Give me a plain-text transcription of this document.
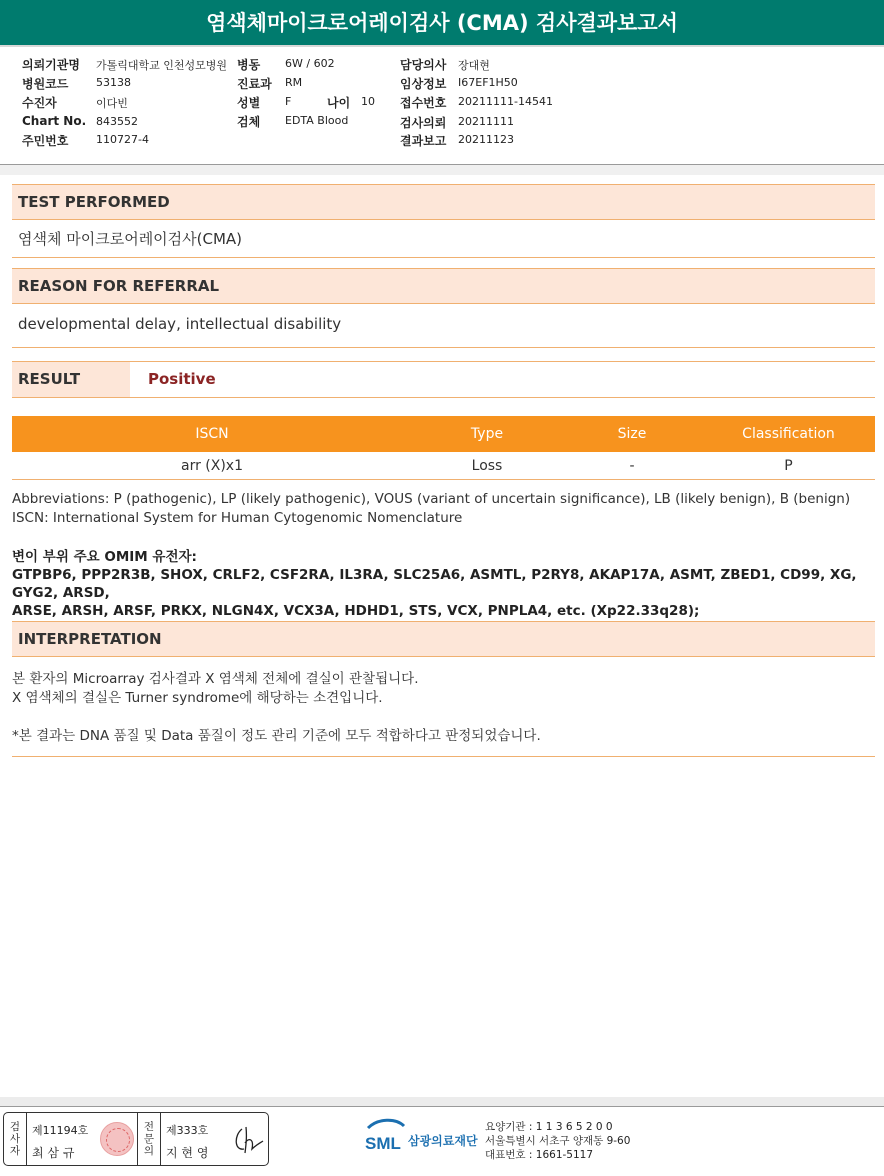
염색체마이크로어레이검사 (CMA) 검사결과보고서
의뢰기관명 가톨릭대학교 인천성모병원
병원코드	53138
수진자	이다빈
Chart No. 843552
주민번호	110727-4
병동 6W / 602
진료과 RM
성별 F	나이 10
검체 EDTA Blood
담당의사 장대현
임상정보 I67EF1H50
접수번호 20211111-14541
검사의뢰 20211111
결과보고 20211123
TEST PERFORMED
염색체 마이크로어레이검사(CMA)
REASON FOR REFERRAL
developmental delay, intellectual disability
RESULT	Positive
ISCN	Type	Size	Classification
arr (X)x1	Loss	-	P
Abbreviations: P (pathogenic), LP (likely pathogenic), VOUS (variant of uncertain significance), LB (likely benign), B (benign)
ISCN: International System for Human Cytogenomic Nomenclature
변이 부위 주요 OMIM 유전자:
GTPBP6, PPP2R3B, SHOX, CRLF2, CSF2RA, IL3RA, SLC25A6, ASMTL, P2RY8, AKAP17A, ASMT, ZBED1, CD99, XG, GYG2, ARSD,
ARSE, ARSH, ARSF, PRKX, NLGN4X, VCX3A, HDHD1, STS, VCX, PNPLA4, etc. (Xp22.33q28);
INTERPRETATION
본 환자의 Microarray 검사결과 X 염색체 전체에 결실이 관찰됩니다.
X 염색체의 결실은 Turner syndrome에 해당하는 소견입니다.
*본 결과는 DNA 품질 및 Data 품질이 정도 관리 기준에 모두 적합하다고 판정되었습니다.
검
사
자
제11194호
최 삼 규
전
문
의
제333호
지 현 영	SML 삼광의료재단
요양기관 : 1 1 3 6 5 2 0 0
서울특별시 서초구 양재동 9-60
대표번호 : 1661-5117
